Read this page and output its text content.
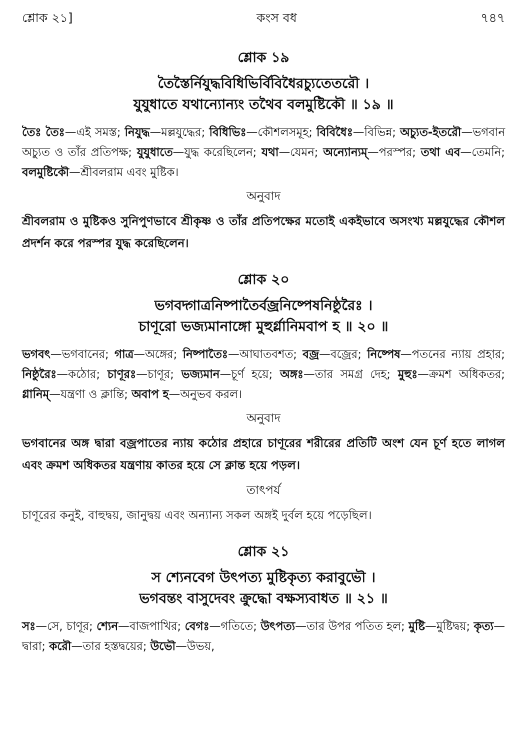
শ্লোক ২১]	কংস বধ	৭৪৭
শ্লোক ১৯
তৈস্তৈর্নিযুদ্ধবিধিভির্বিবিধৈরচ্যুতেতরৌ ।
যুযুধাতে যথান্যোন্যং তথৈব বলমুষ্টিকৌ ॥ ১৯ ॥

তৈঃ তৈঃ—এই সমস্ত; নিযুদ্ধ—মল্লযুদ্ধের; বিধিভিঃ—কৌশলসমূহ; বিবিধৈঃ—বিভিন্ন; অচ্যুত-ইতরৌ—ভগবান অচ্যুত ও তাঁর প্রতিপক্ষ; যুযুধাতে—যুদ্ধ করেছিলেন; যথা—যেমন; অন্যোন্যম্—পরস্পর; তথা এব—তেমনি; বলমুষ্টিকৌ—শ্রীবলরাম এবং মুষ্টিক।

অনুবাদ

শ্রীবলরাম ও মুষ্টিকও সুনিপুণভাবে শ্রীকৃষ্ণ ও তাঁর প্রতিপক্ষের মতোই একইভাবে অসংখ্য মল্লযুদ্ধের কৌশল প্রদর্শন করে পরস্পর যুদ্ধ করেছিলেন।

শ্লোক ২০
ভগবদ্গাত্রনিষ্পাতৈর্বজ্রনিষ্পেষনিষ্ঠুরৈঃ ।
চাণূরো ভজ্যমানাঙ্গো মুহুর্গ্লানিমবাপ হ ॥ ২০ ॥

ভগবৎ—ভগবানের; গাত্র—অঙ্গের; নিষ্পাতৈঃ—আঘাতবশত; বজ্র—বজ্রের; নিষ্পেষ—পতনের ন্যায় প্রহার; নিষ্ঠুরৈঃ—কঠোর; চাণূরঃ—চাণূর; ভজ্যমান—চূর্ণ হয়ে; অঙ্গঃ—তার সমগ্র দেহ; মুহুঃ—ক্রমশ অধিকতর; গ্লানিম্—যন্ত্রণা ও ক্লান্তি; অবাপ হ—অনুভব করল।

অনুবাদ

ভগবানের অঙ্গ দ্বারা বজ্রপাতের ন্যায় কঠোর প্রহারে চাণূরের শরীরের প্রতিটি অংশ যেন চূর্ণ হতে লাগল এবং ক্রমশ অধিকতর যন্ত্রণায় কাতর হয়ে সে ক্লান্ত হয়ে পড়ল।

তাৎপর্য

চাণূরের কনুই, বাহুদ্বয়, জানুদ্বয় এবং অন্যান্য সকল অঙ্গই দুর্বল হয়ে পড়েছিল।

শ্লোক ২১
স শ্যেনবেগ উৎপত্য মুষ্টিকৃত্য করাবুভৌ ।
ভগবন্তং বাসুদেবং ক্রুদ্ধো বক্ষস্যবাধত ॥ ২১ ॥

সঃ—সে, চাণূর; শ্যেন—বাজপাখির; বেগঃ—গতিতে; উৎপত্য—তার উপর পতিত হল; মুষ্টি—মুষ্টিদ্বয়; কৃত্য—দ্বারা; করৌ—তার হস্তদ্বয়ের; উভৌ—উভয়,
